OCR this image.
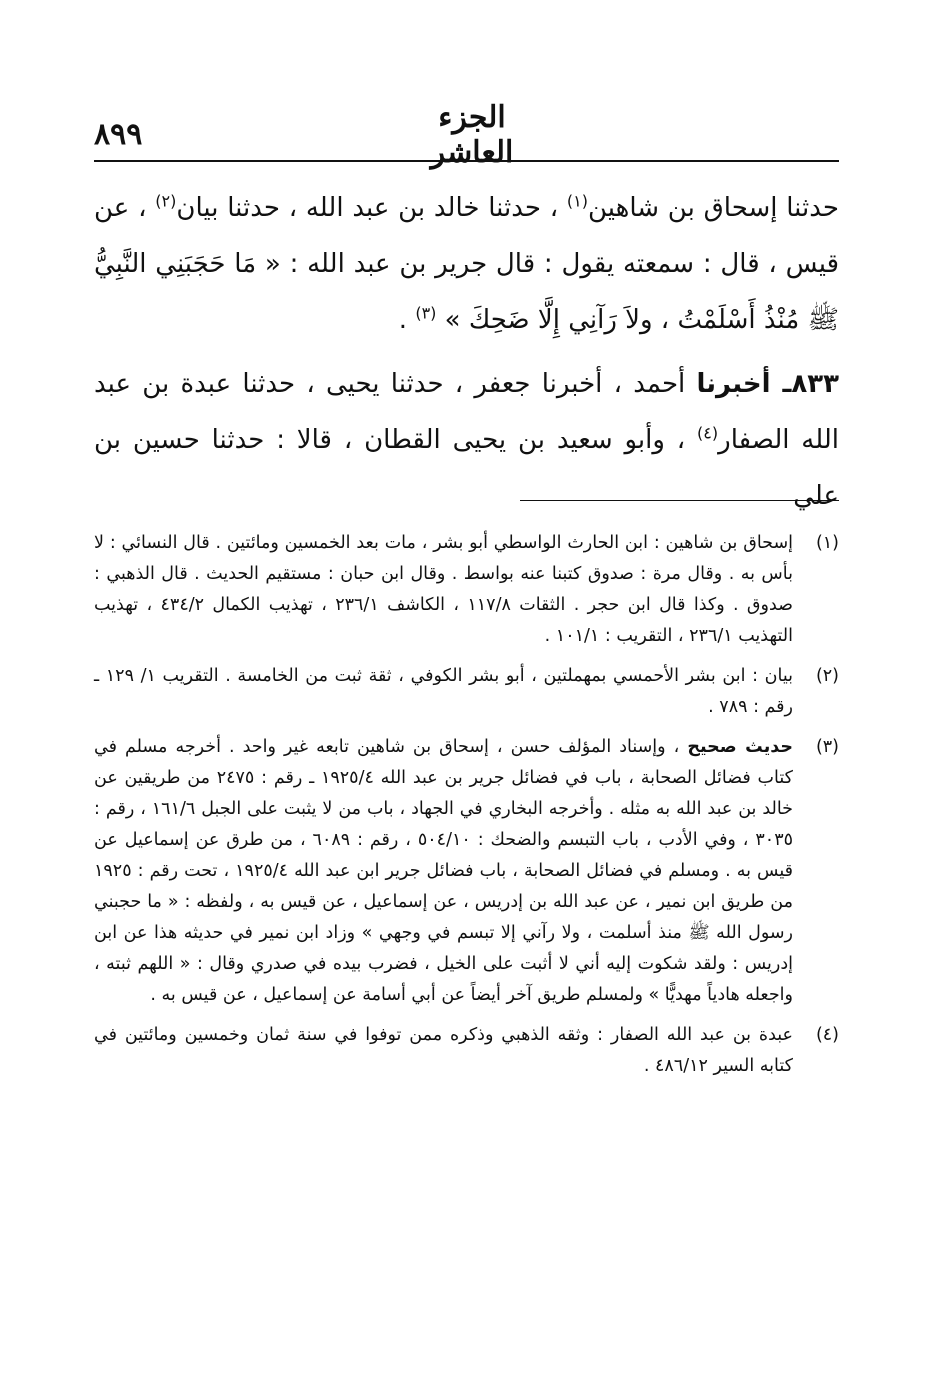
٨٩٩	الجزء العاشر

حدثنا إسحاق بن شاهين$^{(١)}$ ، حدثنا خالد بن عبد الله ، حدثنا بيان$^{(٢)}$ ، عن قيس ، قال : سمعته يقول : قال جرير بن عبد الله : « مَا حَجَبَنِي النَّبِيُّ ﷺ مُنْذُ أَسْلَمْتُ ، ولاَ رَآنِي إِلَّا ضَحِكَ » $^{(٣)}$ .

٨٣٣ـ أخبرنا أحمد ، أخبرنا جعفر ، حدثنا يحيى ، حدثنا عبدة بن عبد الله الصفار$^{(٤)}$ ، وأبو سعيد بن يحيى القطان ، قالا : حدثنا حسين بن علي

(١)
إسحاق بن شاهين : ابن الحارث الواسطي أبو بشر ، مات بعد الخمسين ومائتين . قال النسائي : لا بأس به . وقال مرة : صدوق كتبنا عنه بواسط . وقال ابن حبان : مستقيم الحديث . قال الذهبي : صدوق . وكذا قال ابن حجر . الثقات ١١٧/٨ ، الكاشف ٢٣٦/١ ، تهذيب الكمال ٤٣٤/٢ ، تهذيب التهذيب ٢٣٦/١ ، التقريب : ١٠١/١ .
(٢)
بيان : ابن بشر الأحمسي بمهملتين ، أبو بشر الكوفي ، ثقة ثبت من الخامسة . التقريب ١/ ١٢٩ ـ رقم : ٧٨٩ .
(٣)
حديث صحيح ، وإسناد المؤلف حسن ، إسحاق بن شاهين تابعه غير واحد . أخرجه مسلم في كتاب فضائل الصحابة ، باب في فضائل جرير بن عبد الله ١٩٢٥/٤ ـ رقم : ٢٤٧٥ من طريقين عن خالد بن عبد الله به مثله . وأخرجه البخاري في الجهاد ، باب من لا يثبت على الجبل ١٦١/٦ ، رقم : ٣٠٣٥ ، وفي الأدب ، باب التبسم والضحك : ٥٠٤/١٠ ، رقم : ٦٠٨٩ ، من طرق عن إسماعيل عن قيس به . ومسلم في فضائل الصحابة ، باب فضائل جرير ابن عبد الله ١٩٢٥/٤ ، تحت رقم : ١٩٢٥ من طريق ابن نمير ، عن عبد الله بن إدريس ، عن إسماعيل ، عن قيس به ، ولفظه : « ما حجبني رسول الله ﷺ منذ أسلمت ، ولا رآني إلا تبسم في وجهي » وزاد ابن نمير في حديثه هذا عن ابن إدريس : ولقد شكوت إليه أني لا أثبت على الخيل ، فضرب بيده في صدري وقال : « اللهم ثبته ، واجعله هادياً مهديًّا » ولمسلم طريق آخر أيضاً عن أبي أسامة عن إسماعيل ، عن قيس به .
(٤)
عبدة بن عبد الله الصفار : وثقه الذهبي وذكره ممن توفوا في سنة ثمان وخمسين ومائتين في كتابه السير ٤٨٦/١٢ .
